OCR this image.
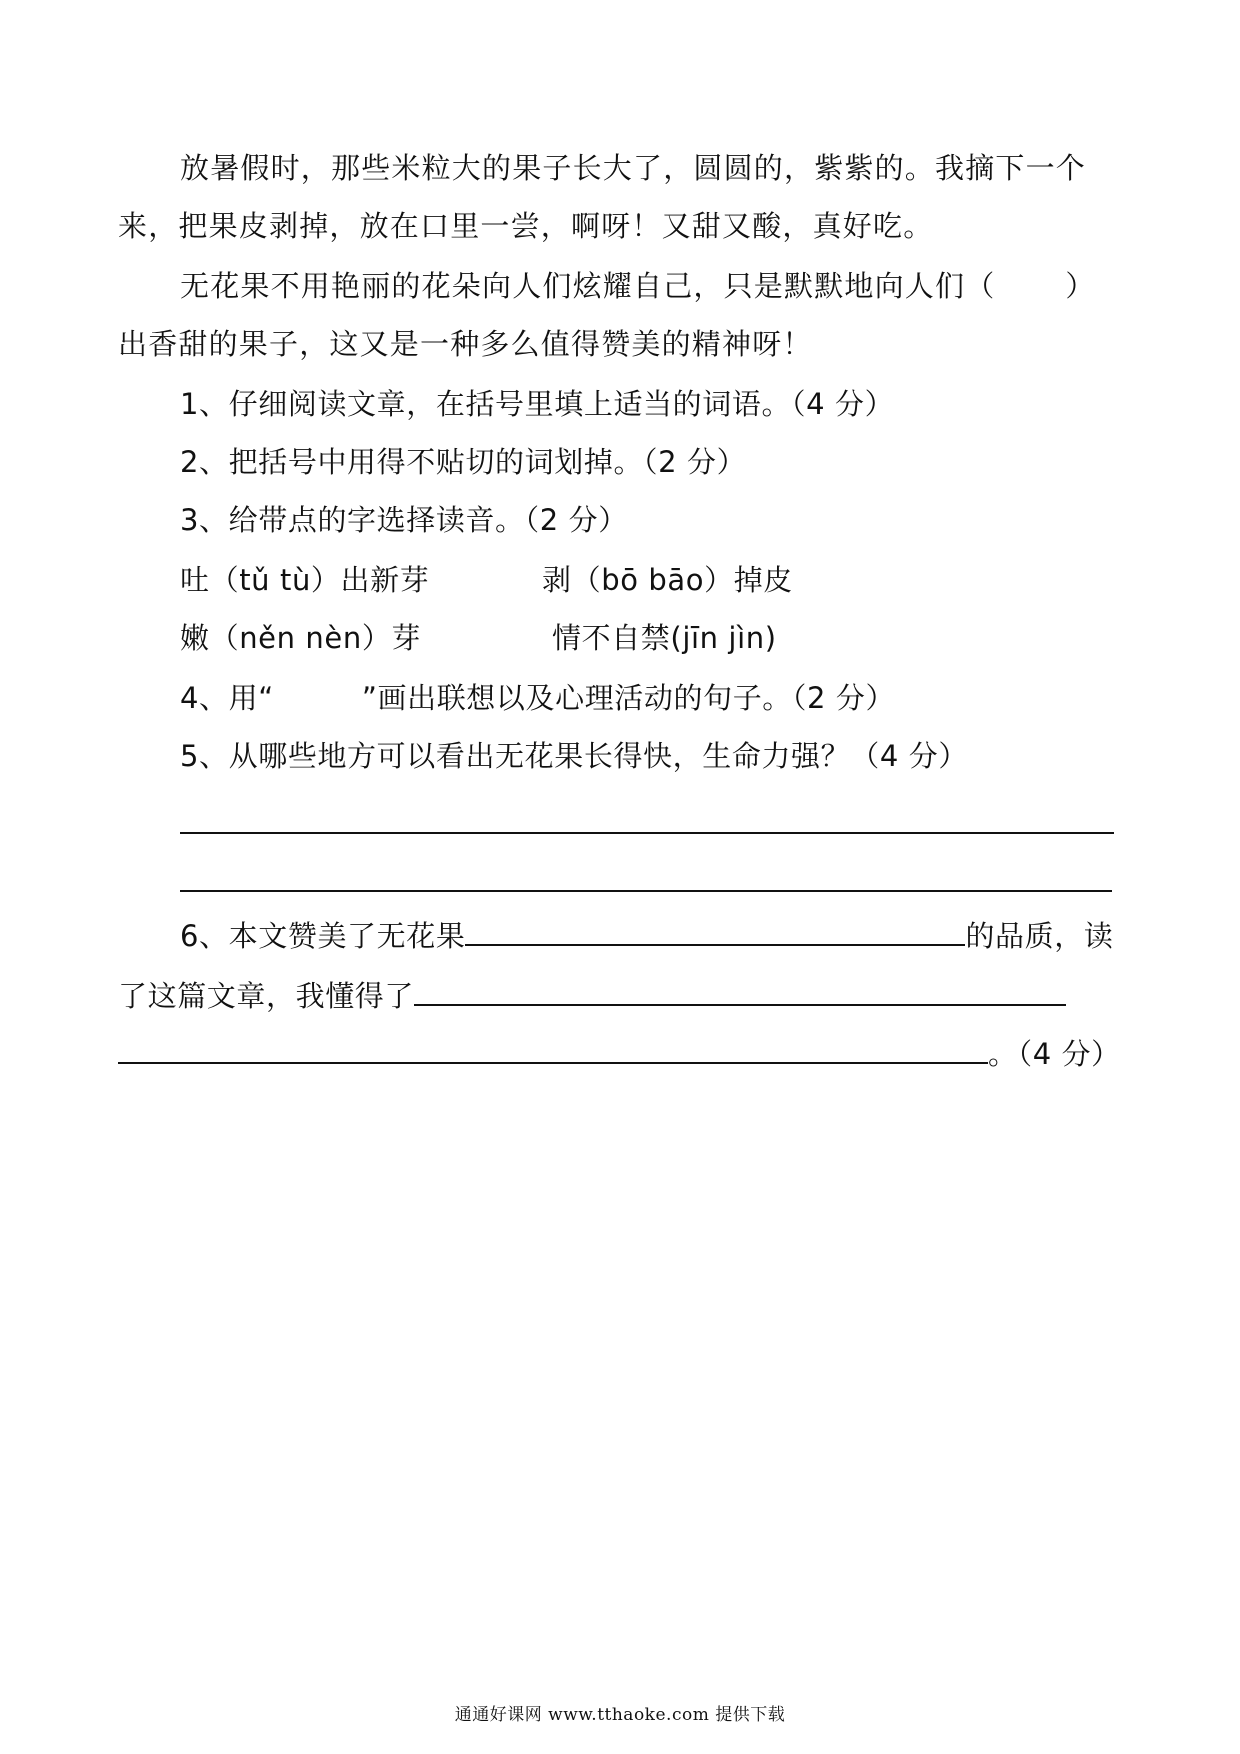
放暑假时，那些米粒大的果子长大了，圆圆的，紫紫的。我摘下一个
来，把果皮剥掉，放在口里一尝，啊呀！又甜又酸，真好吃。
无花果不用艳丽的花朵向人们炫耀自己，只是默默地向人们（ ）
出香甜的果子，这又是一种多么值得赞美的精神呀！
1、仔细阅读文章，在括号里填上适当的词语。（4 分）
2、把括号中用得不贴切的词划掉。（2 分）
3、给带点的字选择读音。（2 分）
吐（tǔ tù）出新芽	剥（bō bāo）掉皮
嫩（něn nèn）芽	情不自禁(jīn jìn)
4、用“	”画出联想以及心理活动的句子。（2 分）
5、从哪些地方可以看出无花果长得快，生命力强？（4 分）
6、本文赞美了无花果	的品质，读
了这篇文章，我懂得了
。（4 分）
通通好课网 www.tthaoke.com 提供下载
